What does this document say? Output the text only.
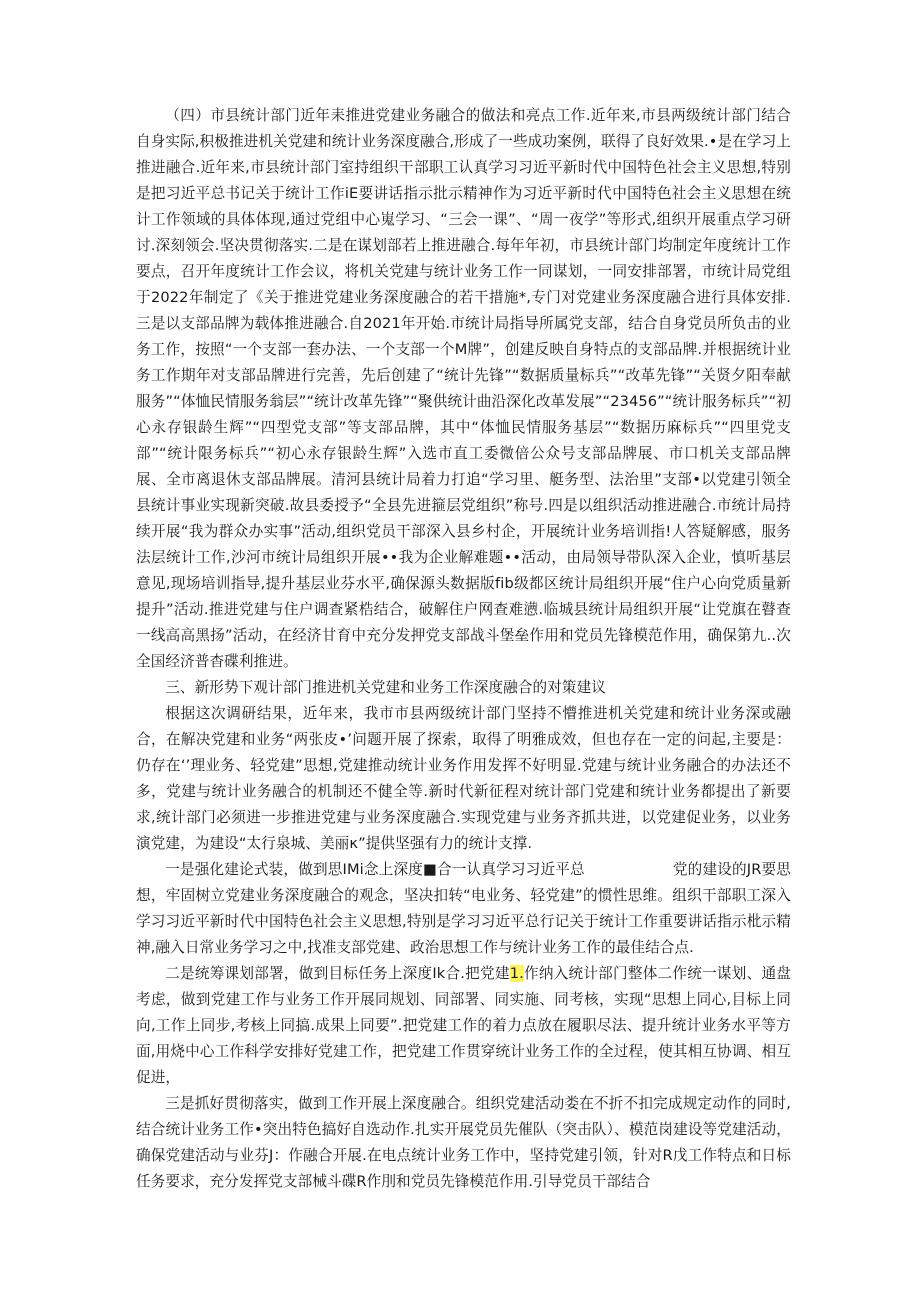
（四）市县统计部门近年耒推进党建业务融合的做法和亮点工作.近年来,市县两级统计部门结合自身实际,积极推进机关党建和统计业务深度融合,形成了一些成功案例，联得了良好效果.•是在学习上推进融合.近年来,市县统计部门室持组织干部职工认真学习习近平新时代中国特色社会主义思想,特别是把习近平总书记关于统计工作iE要讲话指示批示精神作为习近平新时代中国特色社会主义思想在统计工作领域的具体体现,通过党组中心嵬学习、“三会一课”、“周一夜学”等形式,组织开展重点学习研讨.深刻领会.坚决贯彻落实.二是在谋划部若上推进融合.每年年初，市县统计部门均制定年度统计工作要点，召开年度统计工作会议，将机关党建与统计业务工作一同谋划，一同安排部署，市统计局党组于2022年制定了《关于推进党建业务深度融合的若干措施*,专门对党建业务深度融合进行具体安排.三是以支部品牌为载体推进融合.自2021年开始.市统计局指导所属党支部，结合自身党员所负击的业务工作，按照“一个支部一套办法、一个支部一个M牌”，创建反映自身特点的支部品牌.并根据统计业务工作期年对支部品牌进行完善，先后创建了“统计先锋”“数据质量标兵”“改革先锋”“关贤夕阳奉献服务”“体恤民情服务翁层”“统计改革先锋”“聚供统计曲沿深化改革发展”“23456”“统计服务标兵”“初心永存银龄生辉”“四型党支部”等支部品牌，其中“体恤民情服务基层”“数据历麻标兵”“四里党支部”“统计限务标兵”“初心永存银龄生辉”入选市直工委微倍公众号支部品牌展、市口机关支部品牌展、全市离退休支部品牌展。清河县统计局着力打追“学习里、艇务型、法治里”支部•以党建引领全县统计事业实现新突破.故县委授予“全县先进箍层党组织”称号.四是以组织活动推进融合.市统计局持续开展“我为群众办实事”活动,组织党员干部深入县乡村企，开展统计业务培训指!人答疑解感，服务法层统计工作,沙河市统计局组织开展••我为企业解难题••活动，由局领导带队深入企业，慎听基层意见,现场培训指导,提升基层业芬水平,确保源头数据版fib级都区统计局组织开展“住户心向党质量新提升”活动.推进党建与住户调查紧梏结合，破解住户网查难懑.临城县统计局组织开展“让党旗在瞽查一线高高黑扬”活动，在经济甘育中充分发押党支部战斗堡垒作用和党员先锋模范作用，确保第九..次全国经济普杳碟利推进。

三、新形势下观计部门推进机关党建和业务工作深度融合的对策建议

根据这次调研结果，近年来，我市市县两级统计部门坚持不懵推进机关党建和统计业务深或融合，在解决党建和业务“两张皮•’问题开展了探索，取得了明雅成效，但也存在一定的问起,主要是：仍存在‘’理业务、轻党建”思想,党建推动统计业务作用发挥不好明显.党建与统计业务融合的办法还不多，党建与统计业务融合的机制还不健全等.新时代新征程对统计部门党建和统计业务都提出了新要求,统计部门必须进一步推进党建与业务深度融合.实现党建与业务齐抓共进，以党建促业务，以业务演党建，为建设“太行泉城、美丽κ”提供坚强有力的统计支撑.

一是强化建论式装，做到思IMi念上深度■合一认真学习习近平总	党的建设的JR要思想，牢固树立党建业务深度融合的观念，坚决扣转“电业务、轻党建”的惯性思维。组织干部职工深入学习习近平新时代中国特色社会主义思想,特别是学习习近平总行记关于统计工作重要讲话指示枇示精神,融入日常业务学习之中,找准支部党建、政治思想工作与统计业务工作的最佳结合点.

二是统筹课划部署，做到目标任务上深度Ik合.把党建1.作纳入统计部门整体二作统一谋划、通盘考虑，做到党建工作与业务工作开展同规划、同部署、同实施、同考核，实现“思想上同心,目标上同向,工作上同步,考核上同搞.成果上同要”.把党建工作的着力点放在履职尽法、提升统计业务水平等方面,用烧中心工作科学安排好党建工作，把党建工作贯穿统计业务工作的全过程，使其相互协调、相互促进，

三是抓好贯彻落实，做到工作开展上深度融合。组织党建活动娄在不折不扣完成规定动作的同时,结合统计业务工作•突出特色搞好自选动作.扎实开展党员先催队（突击队）、模范岗建设等党建活动，确保党建活动与业芬J：作融合开展.在电点统计业务工作中，坚持党建引领，针对R戊工作特点和日标任务要求，充分发挥党支部械斗碟R作刖和党员先锋模范作用.引导党员干部结合
